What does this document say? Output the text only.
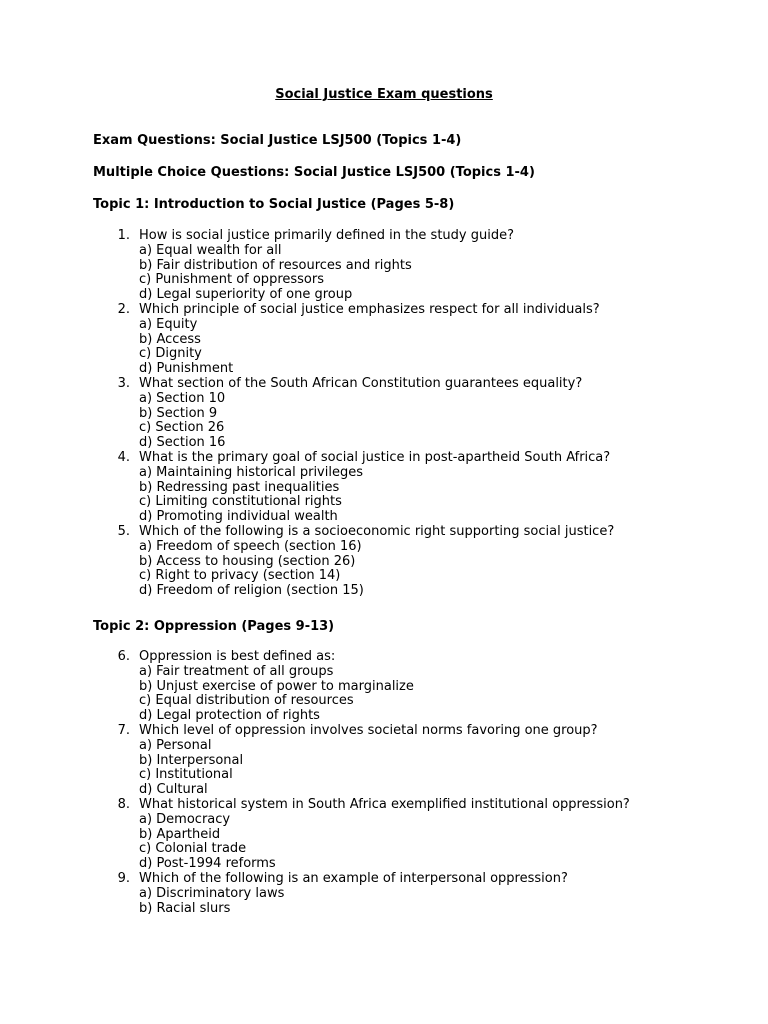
Social Justice Exam questions

Exam Questions: Social Justice LSJ500 (Topics 1-4)

Multiple Choice Questions: Social Justice LSJ500 (Topics 1-4)

Topic 1: Introduction to Social Justice (Pages 5-8)

1. How is social justice primarily defined in the study guide?
a) Equal wealth for all
b) Fair distribution of resources and rights
c) Punishment of oppressors
d) Legal superiority of one group
2. Which principle of social justice emphasizes respect for all individuals?
a) Equity
b) Access
c) Dignity
d) Punishment
3. What section of the South African Constitution guarantees equality?
a) Section 10
b) Section 9
c) Section 26
d) Section 16
4. What is the primary goal of social justice in post-apartheid South Africa?
a) Maintaining historical privileges
b) Redressing past inequalities
c) Limiting constitutional rights
d) Promoting individual wealth
5. Which of the following is a socioeconomic right supporting social justice?
a) Freedom of speech (section 16)
b) Access to housing (section 26)
c) Right to privacy (section 14)
d) Freedom of religion (section 15)

Topic 2: Oppression (Pages 9-13)

6. Oppression is best defined as:
a) Fair treatment of all groups
b) Unjust exercise of power to marginalize
c) Equal distribution of resources
d) Legal protection of rights
7. Which level of oppression involves societal norms favoring one group?
a) Personal
b) Interpersonal
c) Institutional
d) Cultural
8. What historical system in South Africa exemplified institutional oppression?
a) Democracy
b) Apartheid
c) Colonial trade
d) Post-1994 reforms
9. Which of the following is an example of interpersonal oppression?
a) Discriminatory laws
b) Racial slurs
